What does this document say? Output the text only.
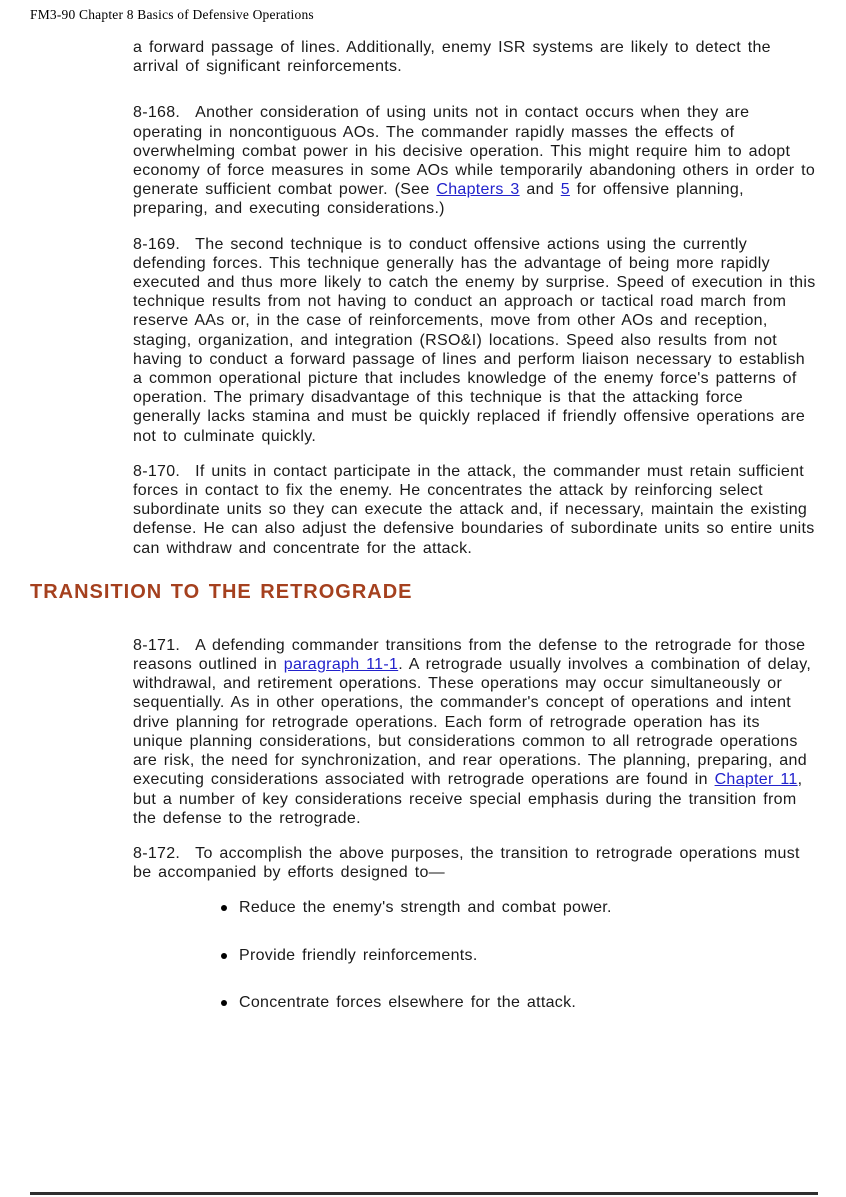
FM3-90 Chapter 8 Basics of Defensive Operations

a forward passage of lines. Additionally, enemy ISR systems are likely to detect the arrival of significant reinforcements.

8-168. Another consideration of using units not in contact occurs when they are operating in noncontiguous AOs. The commander rapidly masses the effects of overwhelming combat power in his decisive operation. This might require him to adopt economy of force measures in some AOs while temporarily abandoning others in order to generate sufficient combat power. (See Chapters 3 and 5 for offensive planning, preparing, and executing considerations.)

8-169. The second technique is to conduct offensive actions using the currently defending forces. This technique generally has the advantage of being more rapidly executed and thus more likely to catch the enemy by surprise. Speed of execution in this technique results from not having to conduct an approach or tactical road march from reserve AAs or, in the case of reinforcements, move from other AOs and reception, staging, organization, and integration (RSO&I) locations. Speed also results from not having to conduct a forward passage of lines and perform liaison necessary to establish a common operational picture that includes knowledge of the enemy force's patterns of operation. The primary disadvantage of this technique is that the attacking force generally lacks stamina and must be quickly replaced if friendly offensive operations are not to culminate quickly.

8-170. If units in contact participate in the attack, the commander must retain sufficient forces in contact to fix the enemy. He concentrates the attack by reinforcing select subordinate units so they can execute the attack and, if necessary, maintain the existing defense. He can also adjust the defensive boundaries of subordinate units so entire units can withdraw and concentrate for the attack.

TRANSITION TO THE RETROGRADE

8-171. A defending commander transitions from the defense to the retrograde for those reasons outlined in paragraph 11-1. A retrograde usually involves a combination of delay, withdrawal, and retirement operations. These operations may occur simultaneously or sequentially. As in other operations, the commander's concept of operations and intent drive planning for retrograde operations. Each form of retrograde operation has its unique planning considerations, but considerations common to all retrograde operations are risk, the need for synchronization, and rear operations. The planning, preparing, and executing considerations associated with retrograde operations are found in Chapter 11, but a number of key considerations receive special emphasis during the transition from the defense to the retrograde.

8-172. To accomplish the above purposes, the transition to retrograde operations must be accompanied by efforts designed to—

Reduce the enemy's strength and combat power.
Provide friendly reinforcements.
Concentrate forces elsewhere for the attack.
